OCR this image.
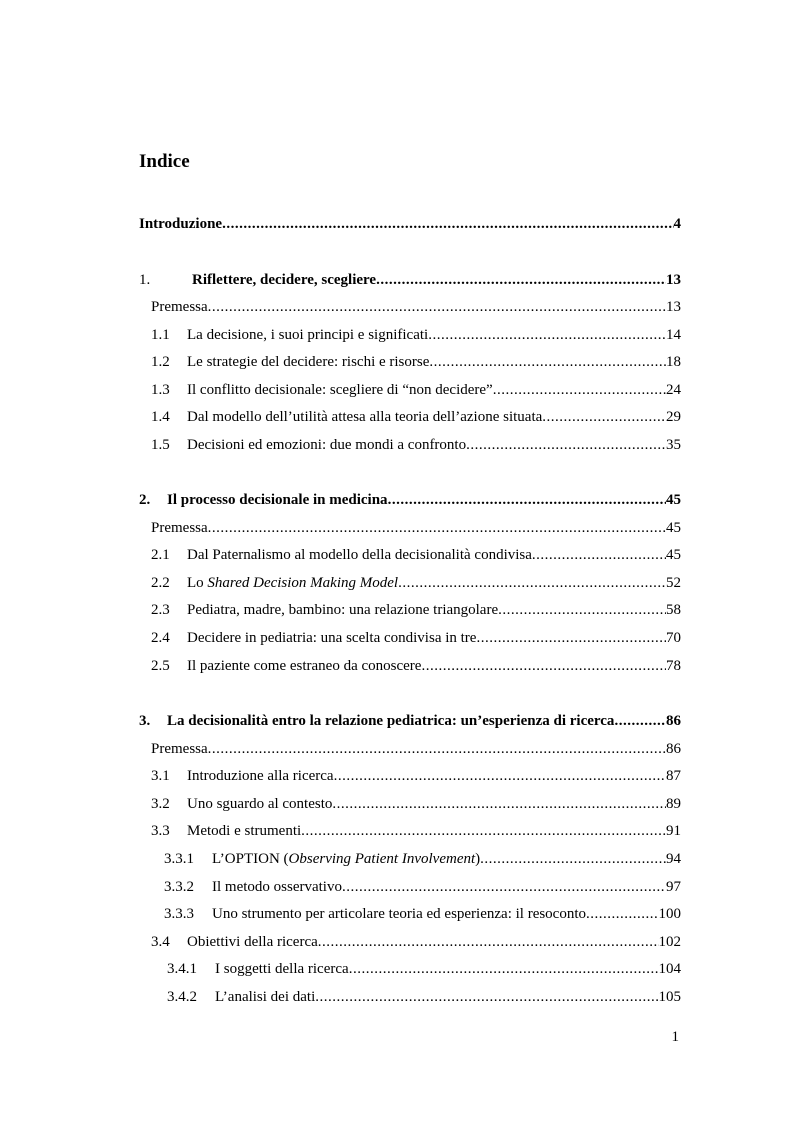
Indice
Introduzione .....	4
1.	Riflettere, decidere, scegliere .....	13
Premessa .....	13
1.1	La decisione, i suoi principi e significati .....	14
1.2	Le strategie del decidere: rischi e risorse .....	18
1.3	Il conflitto decisionale: scegliere di “non decidere” .....	24
1.4	Dal modello dell’utilità attesa alla teoria dell’azione situata .....	29
1.5	Decisioni ed emozioni: due mondi a confronto .....	35
2.	Il processo decisionale in medicina .....	45
Premessa .....	45
2.1	Dal Paternalismo al modello della decisionalità condivisa .....	45
2.2	Lo Shared Decision Making Model .....	52
2.3	Pediatra, madre, bambino: una relazione triangolare .....	58
2.4	Decidere in pediatria: una scelta condivisa in tre .....	70
2.5	Il paziente come estraneo da conoscere .....	78
3.	La decisionalità entro la relazione pediatrica: un’esperienza di ricerca .....	86
Premessa .....	86
3.1	Introduzione alla ricerca .....	87
3.2	Uno sguardo al contesto .....	89
3.3	Metodi e strumenti .....	91
3.3.1	L’OPTION (Observing Patient Involvement) .....	94
3.3.2	Il metodo osservativo .....	97
3.3.3	Uno strumento per articolare teoria ed esperienza: il resoconto .....	100
3.4	Obiettivi della ricerca .....	102
3.4.1	I soggetti della ricerca .....	104
3.4.2	L’analisi dei dati .....	105
1
